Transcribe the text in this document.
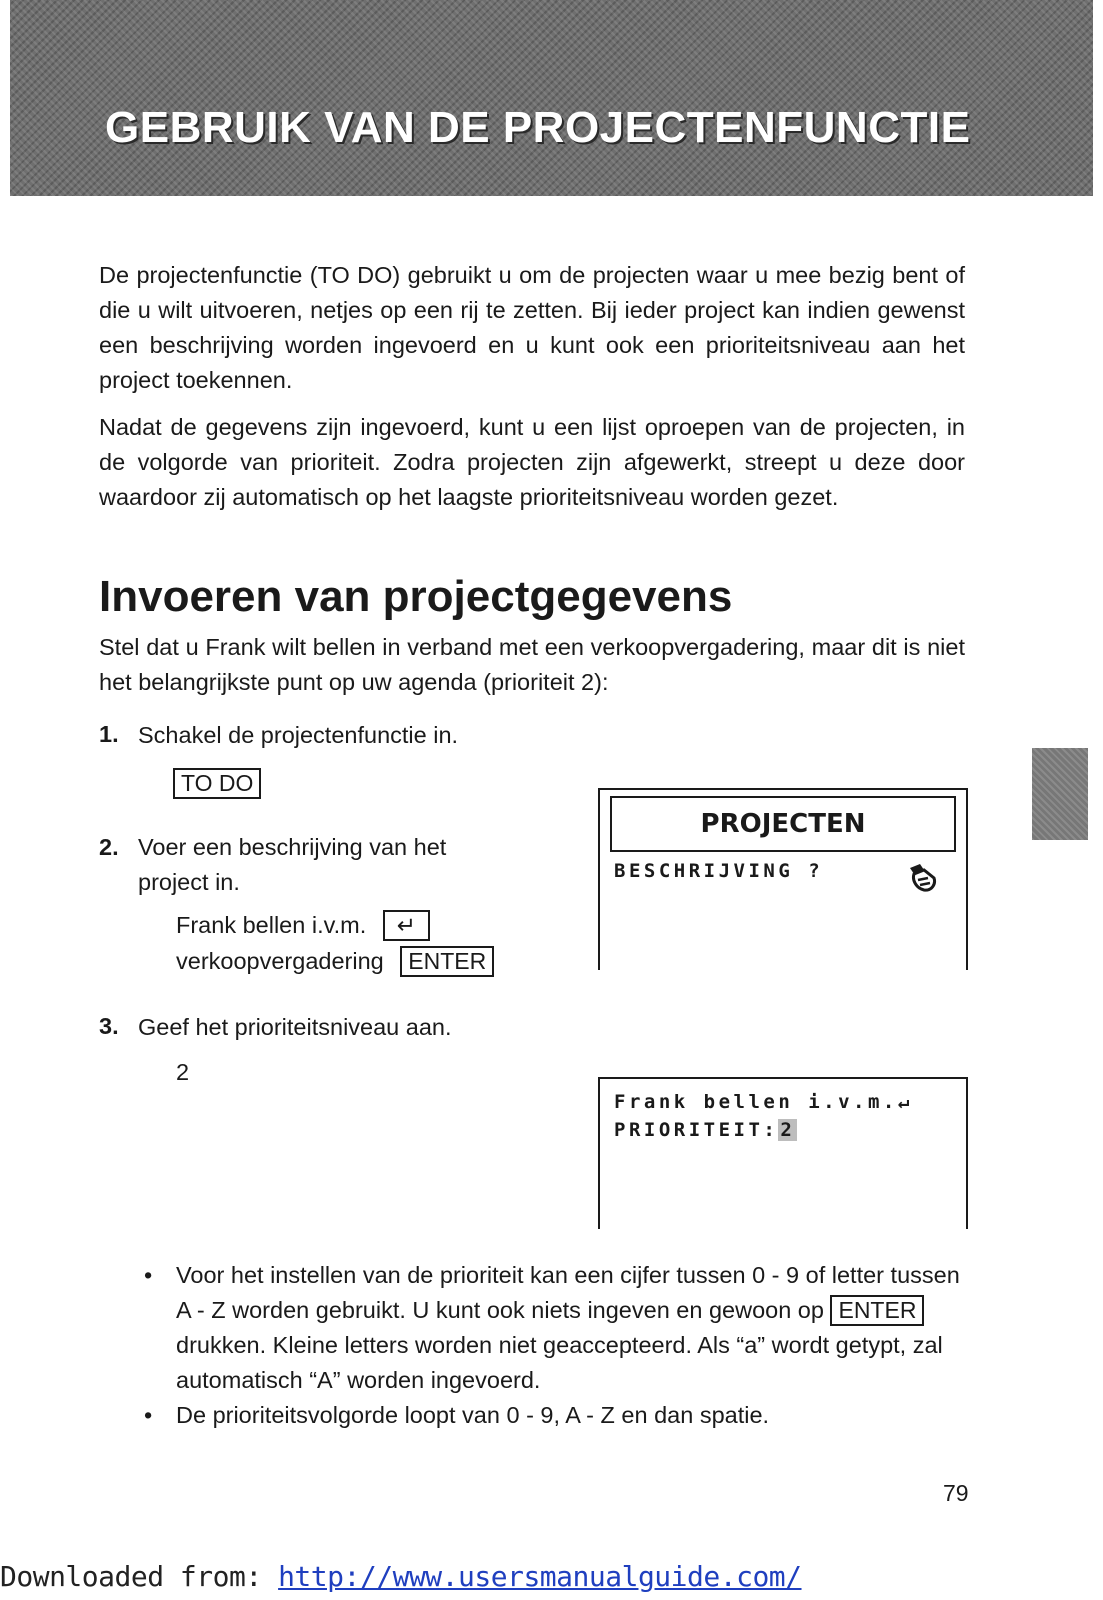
GEBRUIK VAN DE PROJECTENFUNCTIE

De projectenfunctie (TO DO) gebruikt u om de projecten waar u mee bezig bent of die u wilt uitvoeren, netjes op een rij te zetten. Bij ieder project kan indien gewenst een beschrijving worden ingevoerd en u kunt ook een prioriteitsniveau aan het project toekennen.

Nadat de gegevens zijn ingevoerd, kunt u een lijst oproepen van de projecten, in de volgorde van prioriteit. Zodra projecten zijn afgewerkt, streept u deze door waardoor zij automatisch op het laagste prioriteitsniveau worden gezet.

Invoeren van projectgegevens

Stel dat u Frank wilt bellen in verband met een verkoopvergadering, maar dit is niet het belangrijkste punt op uw agenda (prioriteit 2):

1. Schakel de projectenfunctie in.
TO DO
2. Voer een beschrijving van het project in.
Frank bellen i.v.m. ↵
verkoopvergadering ENTER
PROJECTEN
BESCHRIJVING ?
3. Geef het prioriteitsniveau aan.
2
Frank bellen i.v.m.↵
PRIORITEIT: 2
• Voor het instellen van de prioriteit kan een cijfer tussen 0 - 9 of letter tussen A - Z worden gebruikt. U kunt ook niets ingeven en gewoon op ENTER drukken. Kleine letters worden niet geaccepteerd. Als “a” wordt getypt, zal automatisch “A” worden ingevoerd.
• De prioriteitsvolgorde loopt van 0 - 9, A - Z en dan spatie.
79
Downloaded from: http://www.usersmanualguide.com/
